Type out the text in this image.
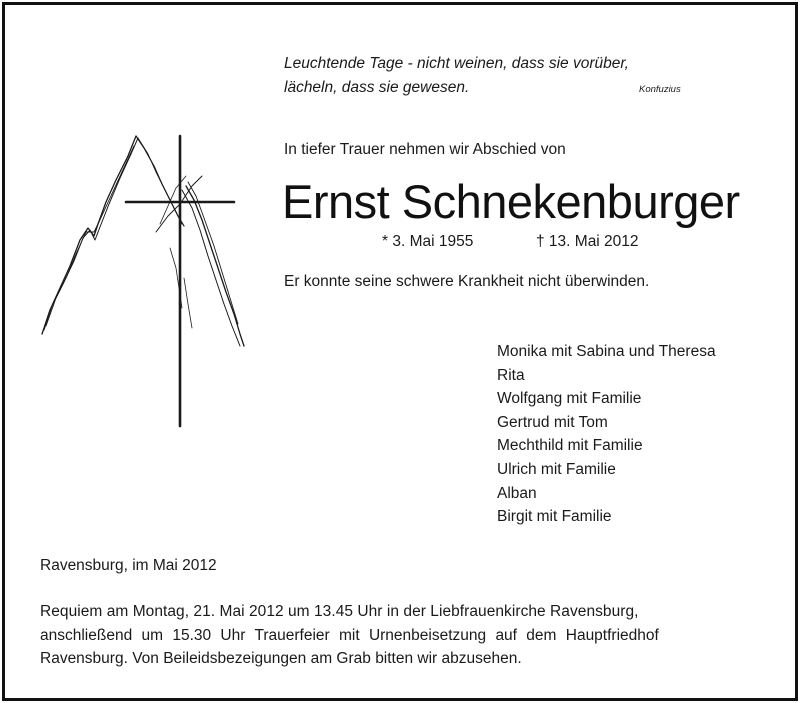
Leuchtende Tage - nicht weinen, dass sie vorüber,
lächeln, dass sie gewesen.	Konfuzius
In tiefer Trauer nehmen wir Abschied von
Ernst Schnekenburger
* 3. Mai 1955	† 13. Mai 2012
Er konnte seine schwere Krankheit nicht überwinden.
Monika mit Sabina und Theresa
Rita
Wolfgang mit Familie
Gertrud mit Tom
Mechthild mit Familie
Ulrich mit Familie
Alban
Birgit mit Familie
Ravensburg, im Mai 2012
Requiem am Montag, 21. Mai 2012 um 13.45 Uhr in der Liebfrauenkirche Ravensburg,
anschließend um 15.30 Uhr Trauerfeier mit Urnenbeisetzung auf dem Hauptfriedhof
Ravensburg. Von Beileidsbezeigungen am Grab bitten wir abzusehen.
